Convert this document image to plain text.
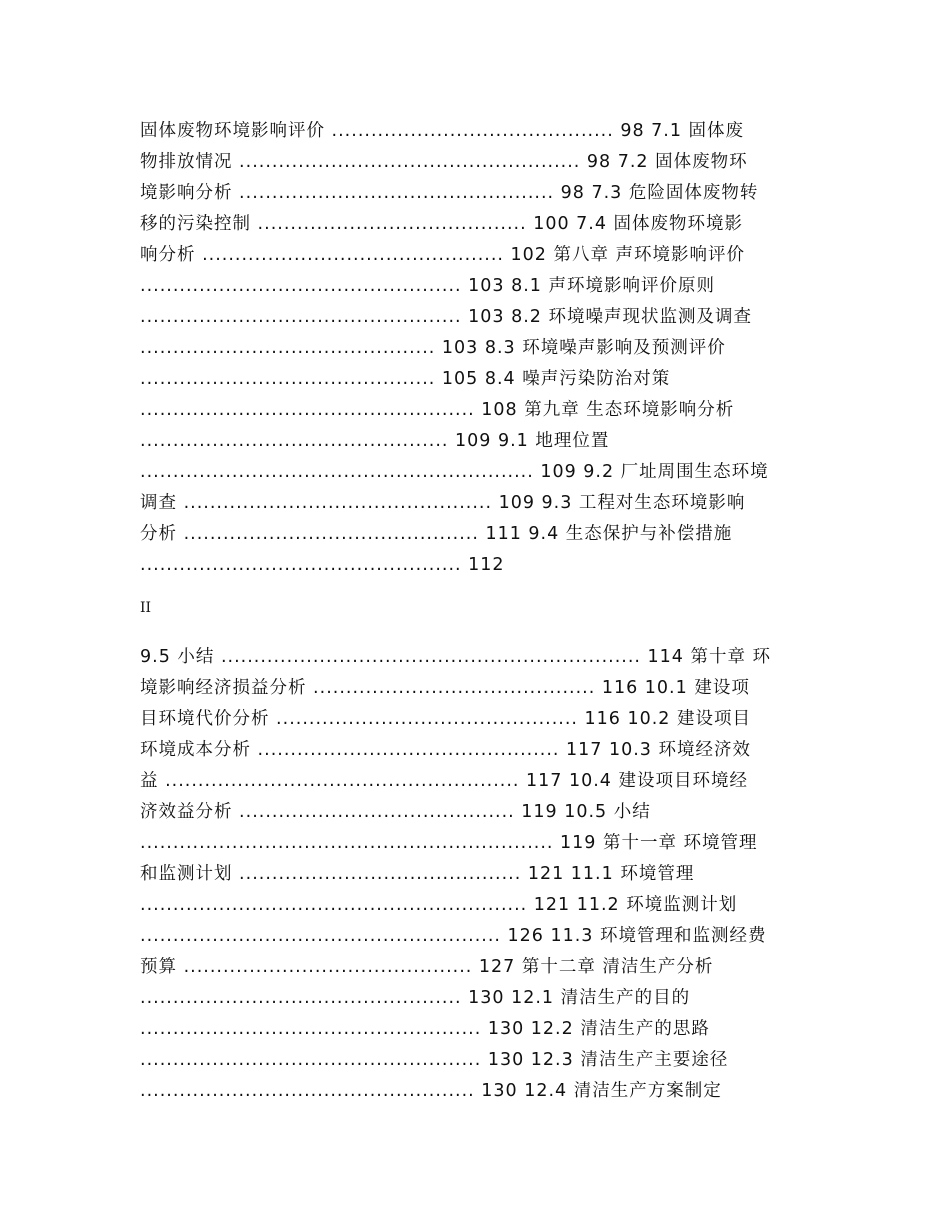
固体废物环境影响评价 ........................................... 98 7.1 固体废
物排放情况 .................................................... 98 7.2 固体废物环
境影响分析 ................................................ 98 7.3 危险固体废物转
移的污染控制 ......................................... 100 7.4 固体废物环境影
响分析 .............................................. 102 第八章 声环境影响评价
................................................. 103 8.1 声环境影响评价原则
................................................. 103 8.2 环境噪声现状监测及调查
............................................. 103 8.3 环境噪声影响及预测评价
............................................. 105 8.4 噪声污染防治对策
................................................... 108 第九章 生态环境影响分析
............................................... 109 9.1 地理位置
............................................................ 109 9.2 厂址周围生态环境
调查 ............................................... 109 9.3 工程对生态环境影响
分析 ............................................. 111 9.4 生态保护与补偿措施
................................................. 112
II
9.5 小结 ................................................................ 114 第十章 环
境影响经济损益分析 ........................................... 116 10.1 建设项
目环境代价分析 .............................................. 116 10.2 建设项目
环境成本分析 .............................................. 117 10.3 环境经济效
益 ...................................................... 117 10.4 建设项目环境经
济效益分析 .......................................... 119 10.5 小结
............................................................... 119 第十一章 环境管理
和监测计划 ........................................... 121 11.1 环境管理
........................................................... 121 11.2 环境监测计划
....................................................... 126 11.3 环境管理和监测经费
预算 ............................................ 127 第十二章 清洁生产分析
................................................. 130 12.1 清洁生产的目的
.................................................... 130 12.2 清洁生产的思路
.................................................... 130 12.3 清洁生产主要途径
................................................... 130 12.4 清洁生产方案制定
